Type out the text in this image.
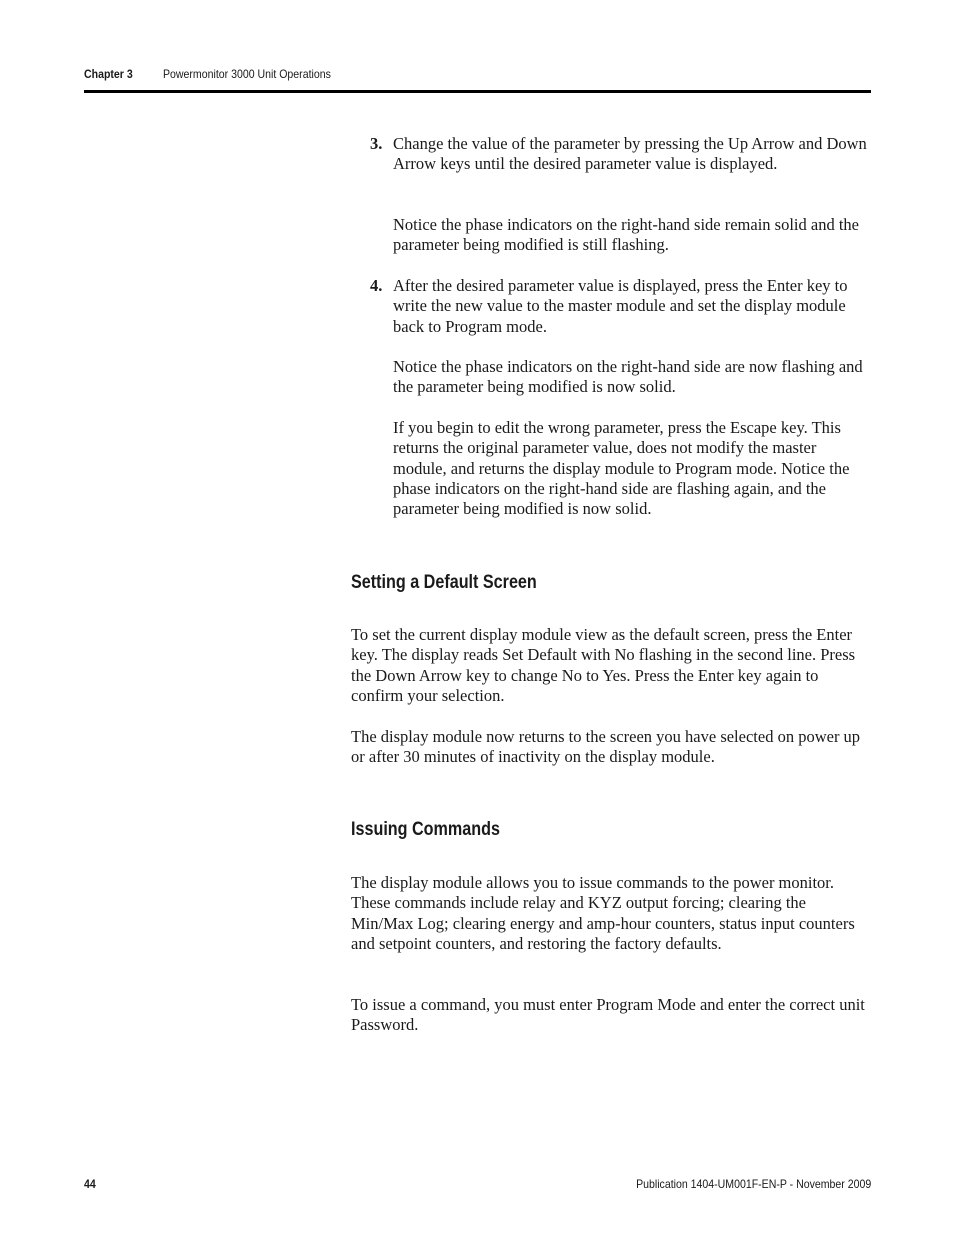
Chapter 3	Powermonitor 3000 Unit Operations
3. Change the value of the parameter by pressing the Up Arrow and Down Arrow keys until the desired parameter value is displayed.
Notice the phase indicators on the right-hand side remain solid and the parameter being modified is still flashing.
4. After the desired parameter value is displayed, press the Enter key to write the new value to the master module and set the display module back to Program mode.
Notice the phase indicators on the right-hand side are now flashing and the parameter being modified is now solid.
If you begin to edit the wrong parameter, press the Escape key. This returns the original parameter value, does not modify the master module, and returns the display module to Program mode. Notice the phase indicators on the right-hand side are flashing again, and the parameter being modified is now solid.
Setting a Default Screen
To set the current display module view as the default screen, press the Enter key. The display reads Set Default with No flashing in the second line. Press the Down Arrow key to change No to Yes. Press the Enter key again to confirm your selection.
The display module now returns to the screen you have selected on power up or after 30 minutes of inactivity on the display module.
Issuing Commands
The display module allows you to issue commands to the power monitor. These commands include relay and KYZ output forcing; clearing the Min/Max Log; clearing energy and amp-hour counters, status input counters and setpoint counters, and restoring the factory defaults.
To issue a command, you must enter Program Mode and enter the correct unit Password.
44	Publication 1404-UM001F-EN-P - November 2009
